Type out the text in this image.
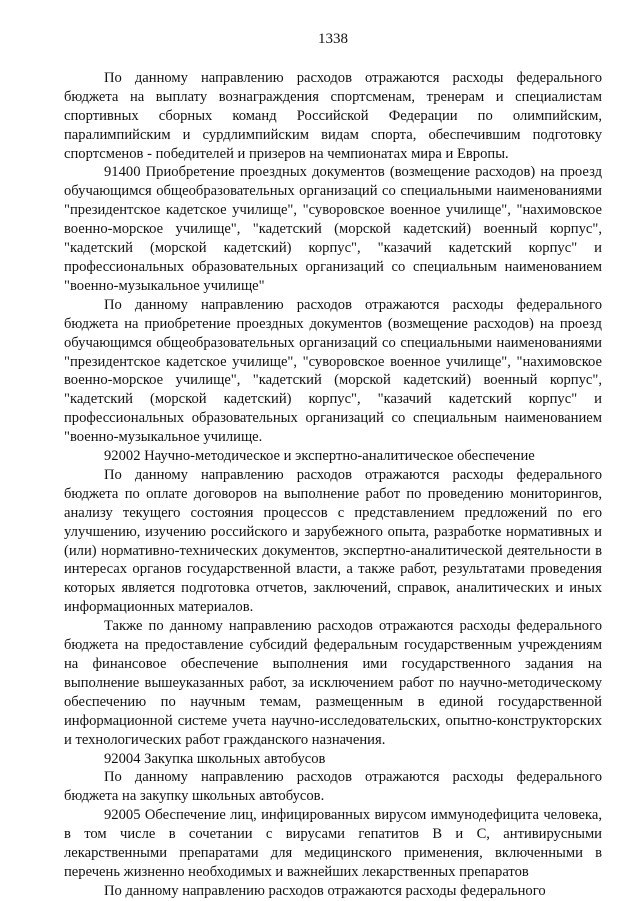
1338

По данному направлению расходов отражаются расходы федерального бюджета на выплату вознаграждения спортсменам, тренерам и специалистам спортивных сборных команд Российской Федерации по олимпийским, паралимпийским и сурдлимпийским видам спорта, обеспечившим подготовку спортсменов - победителей и призеров на чемпионатах мира и Европы.

91400 Приобретение проездных документов (возмещение расходов) на проезд обучающимся общеобразовательных организаций со специальными наименованиями "президентское кадетское училище", "суворовское военное училище", "нахимовское военно-морское училище", "кадетский (морской кадетский) военный корпус", "кадетский (морской кадетский) корпус", "казачий кадетский корпус" и профессиональных образовательных организаций со специальным наименованием "военно-музыкальное училище"

По данному направлению расходов отражаются расходы федерального бюджета на приобретение проездных документов (возмещение расходов) на проезд обучающимся общеобразовательных организаций со специальными наименованиями "президентское кадетское училище", "суворовское военное училище", "нахимовское военно-морское училище", "кадетский (морской кадетский) военный корпус", "кадетский (морской кадетский) корпус", "казачий кадетский корпус" и профессиональных образовательных организаций со специальным наименованием "военно-музыкальное училище.

92002 Научно-методическое и экспертно-аналитическое обеспечение

По данному направлению расходов отражаются расходы федерального бюджета по оплате договоров на выполнение работ по проведению мониторингов, анализу текущего состояния процессов с представлением предложений по его улучшению, изучению российского и зарубежного опыта, разработке нормативных и (или) нормативно-технических документов, экспертно-аналитической деятельности в интересах органов государственной власти, а также работ, результатами проведения которых является подготовка отчетов, заключений, справок, аналитических и иных информационных материалов.

Также по данному направлению расходов отражаются расходы федерального бюджета на предоставление субсидий федеральным государственным учреждениям на финансовое обеспечение выполнения ими государственного задания на выполнение вышеуказанных работ, за исключением работ по научно-методическому обеспечению по научным темам, размещенным в единой государственной информационной системе учета научно-исследовательских, опытно-конструкторских и технологических работ гражданского назначения.

92004 Закупка школьных автобусов

По данному направлению расходов отражаются расходы федерального бюджета на закупку школьных автобусов.

92005 Обеспечение лиц, инфицированных вирусом иммунодефицита человека, в том числе в сочетании с вирусами гепатитов В и С, антивирусными лекарственными препаратами для медицинского применения, включенными в перечень жизненно необходимых и важнейших лекарственных препаратов

По данному направлению расходов отражаются расходы федерального
